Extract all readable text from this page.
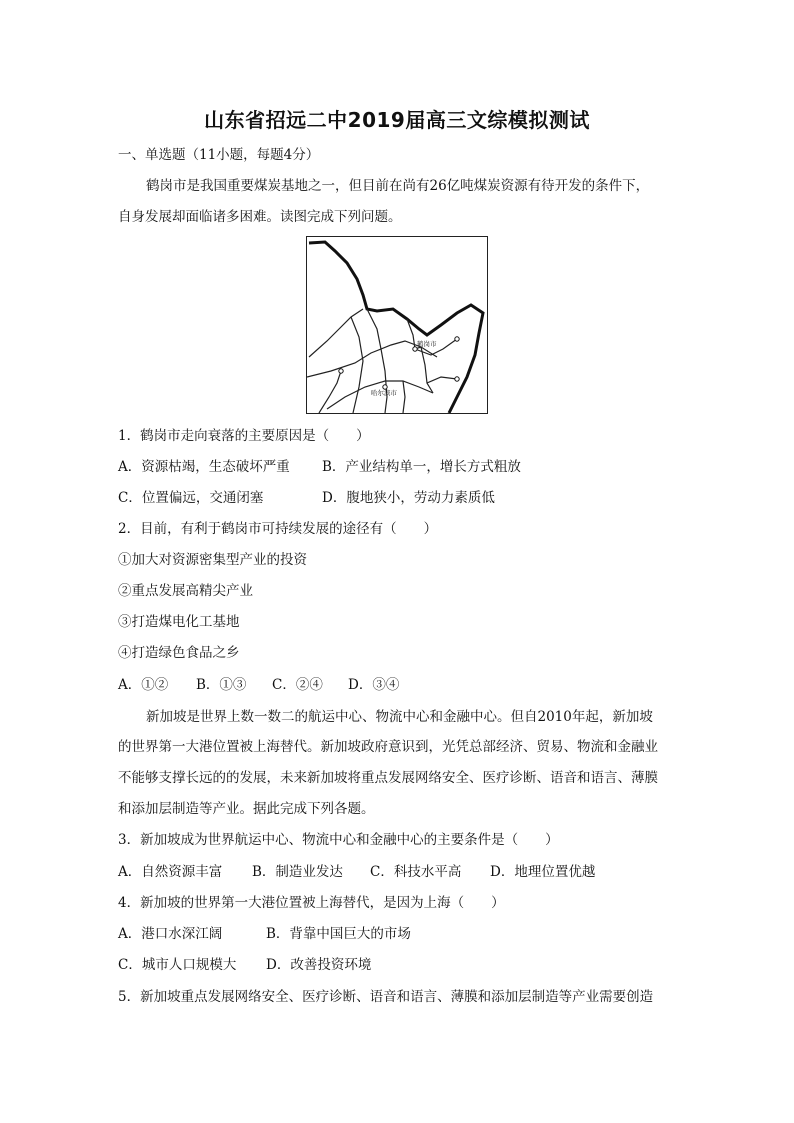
山东省招远二中2019届高三文综模拟测试
一、单选题（11小题，每题4分）
鹤岗市是我国重要煤炭基地之一，但目前在尚有26亿吨煤炭资源有待开发的条件下，
自身发展却面临诸多困难。读图完成下列问题。
鹤岗市
哈尔滨市
1．鹤岗市走向衰落的主要原因是（　　）
A．资源枯竭，生态破坏严重 B．产业结构单一，增长方式粗放
C．位置偏远，交通闭塞	D．腹地狭小，劳动力素质低
2．目前，有利于鹤岗市可持续发展的途径有（　　）
①加大对资源密集型产业的投资
②重点发展高精尖产业
③打造煤电化工基地
④打造绿色食品之乡
A．①② B．①③ C．②④ D．③④
新加坡是世界上数一数二的航运中心、物流中心和金融中心。但自2010年起，新加坡
的世界第一大港位置被上海替代。新加坡政府意识到，光凭总部经济、贸易、物流和金融业
不能够支撑长远的的发展，未来新加坡将重点发展网络安全、医疗诊断、语音和语言、薄膜
和添加层制造等产业。据此完成下列各题。
3．新加坡成为世界航运中心、物流中心和金融中心的主要条件是（　　）
A．自然资源丰富 B．制造业发达 C．科技水平高 D．地理位置优越
4．新加坡的世界第一大港位置被上海替代，是因为上海（　　）
A．港口水深江阔	B．背靠中国巨大的市场
C．城市人口规模大 D．改善投资环境
5．新加坡重点发展网络安全、医疗诊断、语音和语言、薄膜和添加层制造等产业需要创造
